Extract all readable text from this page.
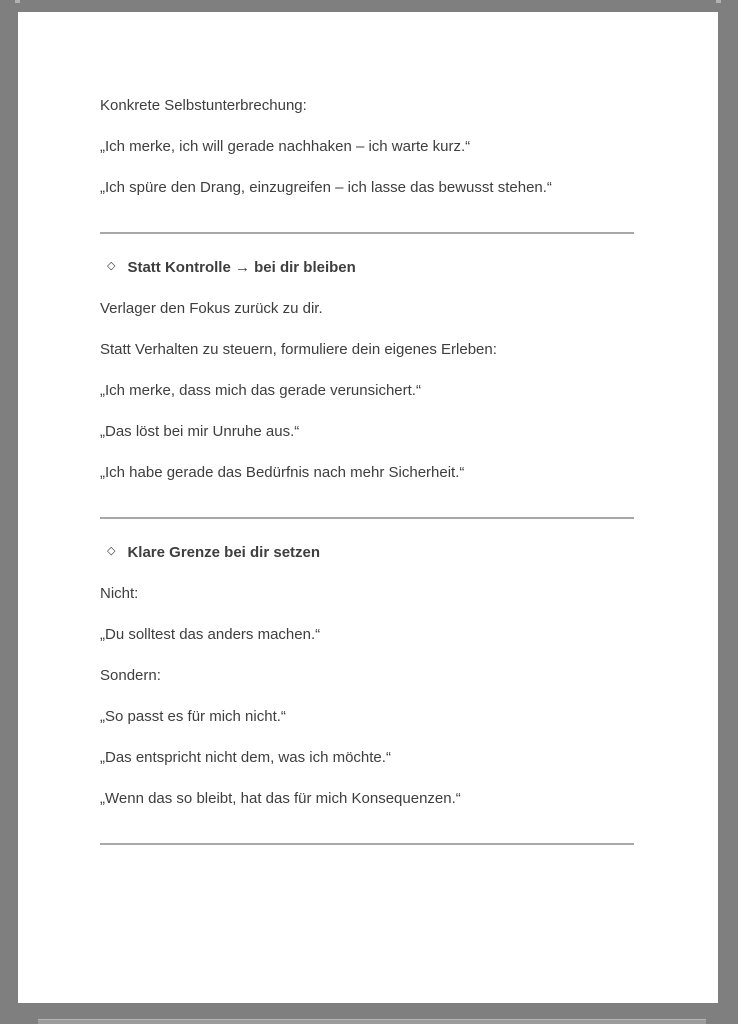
Konkrete Selbstunterbrechung:

„Ich merke, ich will gerade nachhaken – ich warte kurz.“

„Ich spüre den Drang, einzugreifen – ich lasse das bewusst stehen.“

◇ Statt Kontrolle → bei dir bleiben

Verlager den Fokus zurück zu dir.

Statt Verhalten zu steuern, formuliere dein eigenes Erleben:

„Ich merke, dass mich das gerade verunsichert.“

„Das löst bei mir Unruhe aus.“

„Ich habe gerade das Bedürfnis nach mehr Sicherheit.“

◇ Klare Grenze bei dir setzen

Nicht:

„Du solltest das anders machen.“

Sondern:

„So passt es für mich nicht.“

„Das entspricht nicht dem, was ich möchte.“

„Wenn das so bleibt, hat das für mich Konsequenzen.“
